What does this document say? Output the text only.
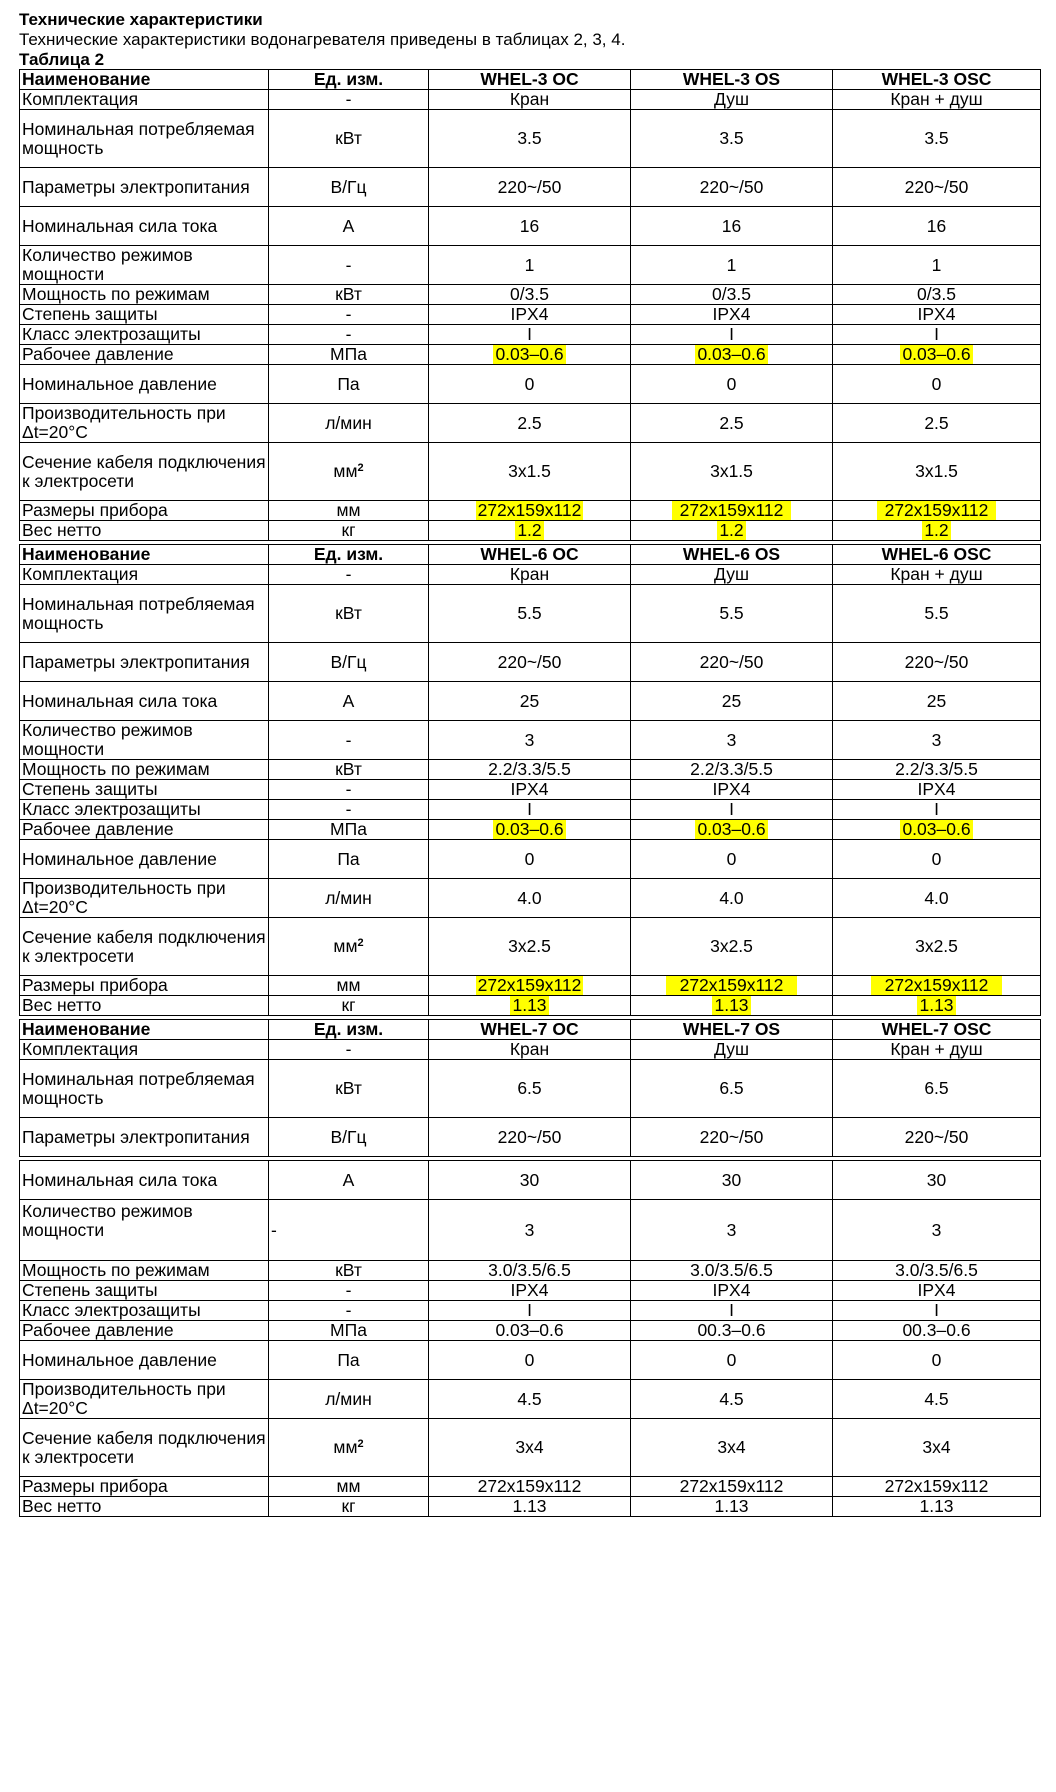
Технические характеристики

Технические характеристики водонагревателя приведены в таблицах 2, 3, 4.

Таблица 2

Наименование	Ед. изм.	WHEL-3 OC	WHEL-3 OS	WHEL-3 OSC
Комплектация	-	Кран	Душ	Кран + душ
Номинальная потребляемая мощность	кВт	3.5	3.5	3.5
Параметры электропитания	В/Гц	220~/50	220~/50	220~/50
Номинальная сила тока	А	16	16	16
Количество режимов мощности	-	1	1	1
Мощность по режимам	кВт	0/3.5	0/3.5	0/3.5
Степень защиты	-	IPX4	IPX4	IPX4
Класс электрозащиты	-	I	I	I
Рабочее давление	МПа	0.03–0.6	0.03–0.6	0.03–0.6
Номинальное давление	Па	0	0	0
Производительность при Δt=20°С	л/мин	2.5	2.5	2.5
Сечение кабеля подключения к электросети	$мм^2$	3x1.5	3x1.5	3x1.5
Размеры прибора	мм	272x159x112	272x159x112	272x159x112
Вес нетто	кг	1.2	1.2	1.2
Наименование	Ед. изм.	WHEL-6 OC	WHEL-6 OS	WHEL-6 OSC
Комплектация	-	Кран	Душ	Кран + душ
Номинальная потребляемая мощность	кВт	5.5	5.5	5.5
Параметры электропитания	В/Гц	220~/50	220~/50	220~/50
Номинальная сила тока	А	25	25	25
Количество режимов мощности	-	3	3	3
Мощность по режимам	кВт	2.2/3.3/5.5	2.2/3.3/5.5	2.2/3.3/5.5
Степень защиты	-	IPX4	IPX4	IPX4
Класс электрозащиты	-	I	I	I
Рабочее давление	МПа	0.03–0.6	0.03–0.6	0.03–0.6
Номинальное давление	Па	0	0	0
Производительность при Δt=20°С	л/мин	4.0	4.0	4.0
Сечение кабеля подключения к электросети	$мм^2$	3x2.5	3x2.5	3x2.5
Размеры прибора	мм	272x159x112	272x159x112	272x159x112
Вес нетто	кг	1.13	1.13	1.13
Наименование	Ед. изм.	WHEL-7 OC	WHEL-7 OS	WHEL-7 OSC
Комплектация	-	Кран	Душ	Кран + душ
Номинальная потребляемая мощность	кВт	6.5	6.5	6.5
Параметры электропитания	В/Гц	220~/50	220~/50	220~/50
Номинальная сила тока	А	30	30	30
Количество режимов мощности	-	3	3	3
Мощность по режимам	кВт	3.0/3.5/6.5	3.0/3.5/6.5	3.0/3.5/6.5
Степень защиты	-	IPX4	IPX4	IPX4
Класс электрозащиты	-	I	I	I
Рабочее давление	МПа	0.03–0.6	00.3–0.6	00.3–0.6
Номинальное давление	Па	0	0	0
Производительность при Δt=20°С	л/мин	4.5	4.5	4.5
Сечение кабеля подключения к электросети	$мм^2$	3x4	3x4	3x4
Размеры прибора	мм	272x159x112	272x159x112	272x159x112
Вес нетто	кг	1.13	1.13	1.13
